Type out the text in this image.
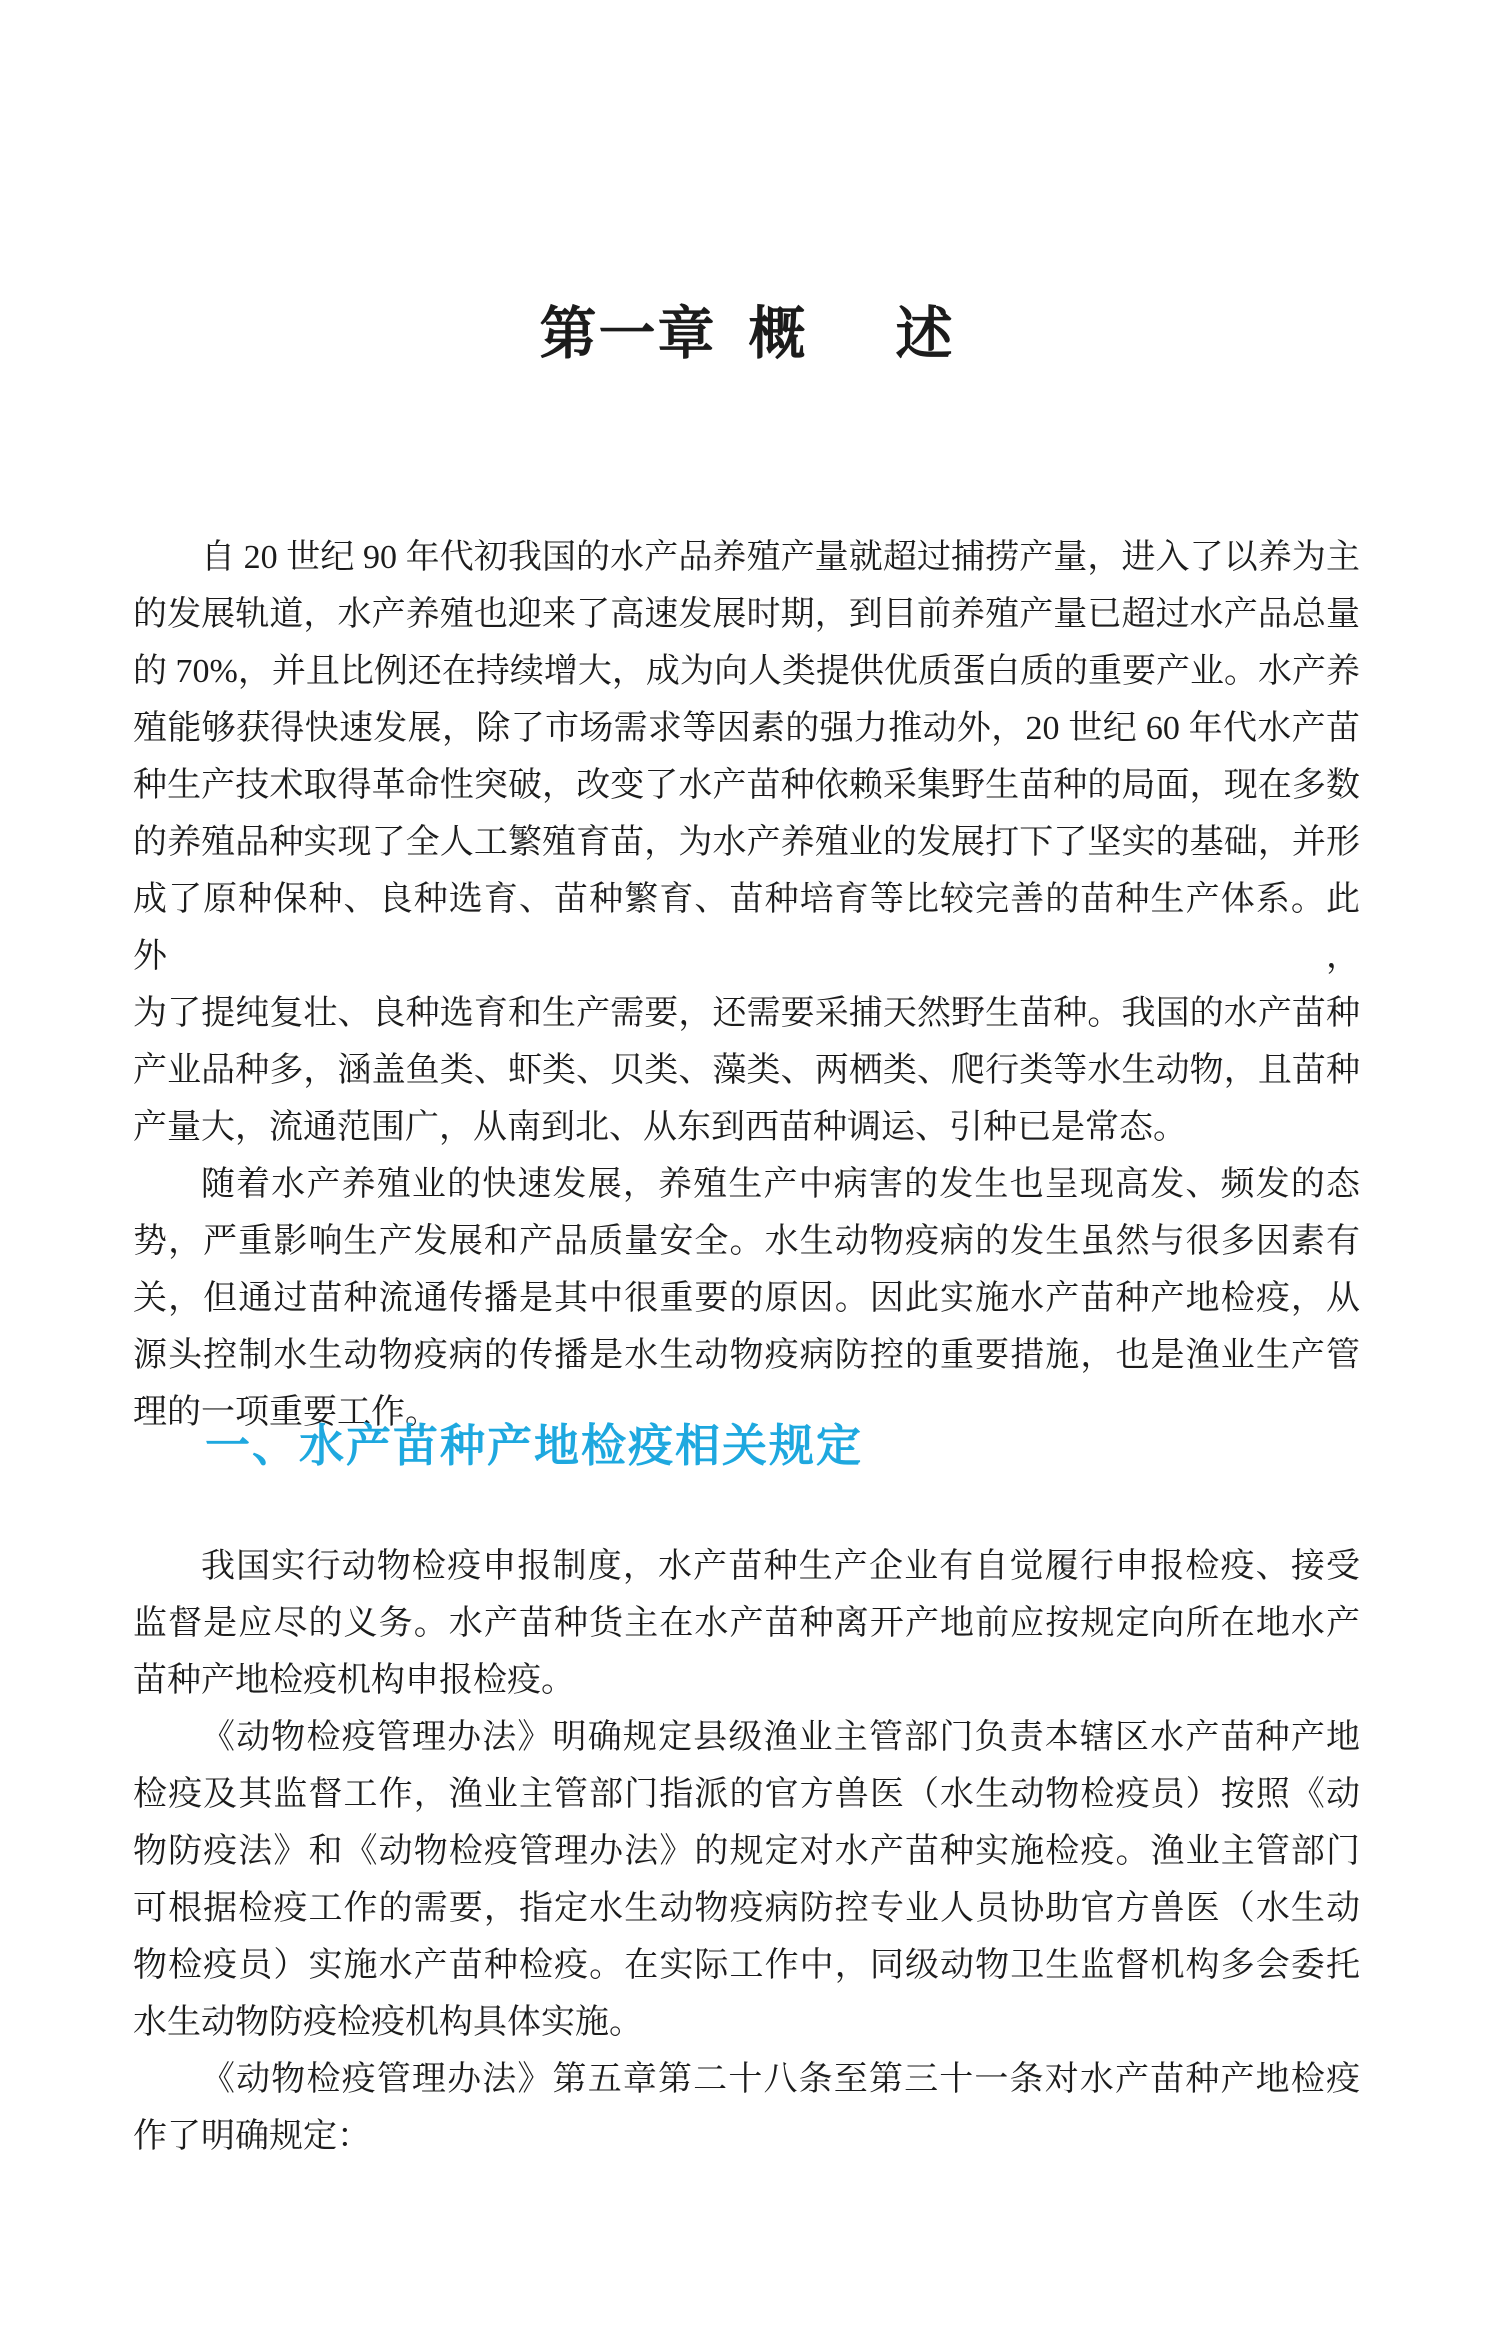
第一章 概 述
自 20 世纪 90 年代初我国的水产品养殖产量就超过捕捞产量，进入了以养为主
的发展轨道，水产养殖也迎来了高速发展时期，到目前养殖产量已超过水产品总量
的 70%，并且比例还在持续增大，成为向人类提供优质蛋白质的重要产业。水产养
殖能够获得快速发展，除了市场需求等因素的强力推动外，20 世纪 60 年代水产苗
种生产技术取得革命性突破，改变了水产苗种依赖采集野生苗种的局面，现在多数
的养殖品种实现了全人工繁殖育苗，为水产养殖业的发展打下了坚实的基础，并形
成了原种保种、良种选育、苗种繁育、苗种培育等比较完善的苗种生产体系。此外，
为了提纯复壮、良种选育和生产需要，还需要采捕天然野生苗种。我国的水产苗种
产业品种多，涵盖鱼类、虾类、贝类、藻类、两栖类、爬行类等水生动物，且苗种
产量大，流通范围广，从南到北、从东到西苗种调运、引种已是常态。
随着水产养殖业的快速发展，养殖生产中病害的发生也呈现高发、频发的态
势，严重影响生产发展和产品质量安全。水生动物疫病的发生虽然与很多因素有
关，但通过苗种流通传播是其中很重要的原因。因此实施水产苗种产地检疫，从
源头控制水生动物疫病的传播是水生动物疫病防控的重要措施，也是渔业生产管
理的一项重要工作。
一、水产苗种产地检疫相关规定
我国实行动物检疫申报制度，水产苗种生产企业有自觉履行申报检疫、接受
监督是应尽的义务。水产苗种货主在水产苗种离开产地前应按规定向所在地水产
苗种产地检疫机构申报检疫。
《动物检疫管理办法》明确规定县级渔业主管部门负责本辖区水产苗种产地
检疫及其监督工作，渔业主管部门指派的官方兽医（水生动物检疫员）按照《动
物防疫法》和《动物检疫管理办法》的规定对水产苗种实施检疫。渔业主管部门
可根据检疫工作的需要，指定水生动物疫病防控专业人员协助官方兽医（水生动
物检疫员）实施水产苗种检疫。在实际工作中，同级动物卫生监督机构多会委托
水生动物防疫检疫机构具体实施。
《动物检疫管理办法》第五章第二十八条至第三十一条对水产苗种产地检疫
作了明确规定：
